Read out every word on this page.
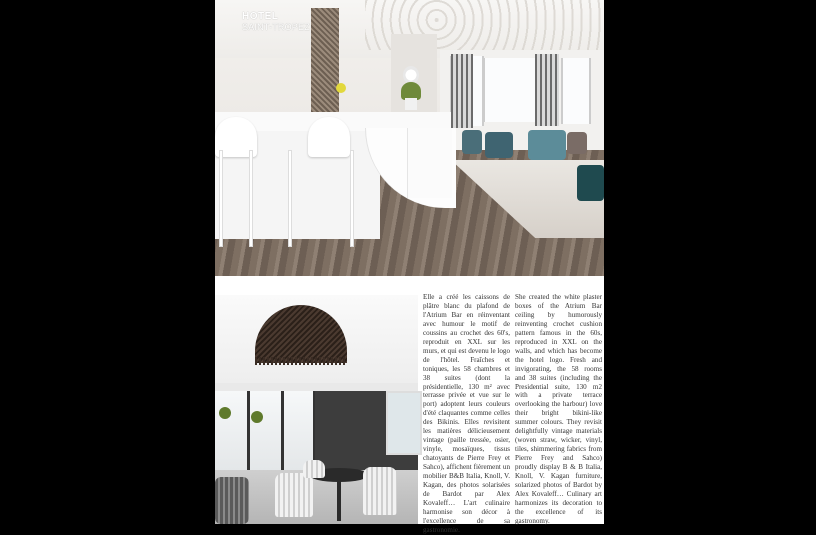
HOTEL
SAINT-TROPEZ

Elle a créé les caissons de plâtre blanc du plafond de l'Atrium Bar en réinventant avec humour le motif de coussins au crochet des 60's, reproduit en XXL sur les murs, et qui est devenu le logo de l'hôtel. Fraîches et toniques, les 58 chambres et 38 suites (dont la présidentielle, 130 m² avec terrasse privée et vue sur le port) adoptent leurs couleurs d'été claquantes comme celles des Bikinis. Elles revisitent les matières délicieusement vintage (paille tressée, osier, vinyle, mosaïques, tissus chatoyants de Pierre Frey et Sahco), affichent fièrement un mobilier B&B Italia, Knoll, V. Kagan, des photos solarisées de Bardot par Alex Kovaleff… L'art culinaire harmonise son décor à l'excellence de sa gastronomie.

She created the white plaster boxes of the Atrium Bar ceiling by humorously reinventing crochet cushion pattern famous in the 60s, reproduced in XXL on the walls, and which has become the hotel logo. Fresh and invigorating, the 58 rooms and 38 suites (including the Presidential suite, 130 m2 with a private terrace overlooking the harbour) love their bright bikini-like summer colours. They revisit delightfully vintage materials (woven straw, wicker, vinyl, tiles, shimmering fabrics from Pierre Frey and Sahco) proudly display B & B Italia, Knoll, V. Kagan furniture, solarized photos of Bardot by Alex Kovaleff… Culinary art harmonizes its decoration to the excellence of its gastronomy.
